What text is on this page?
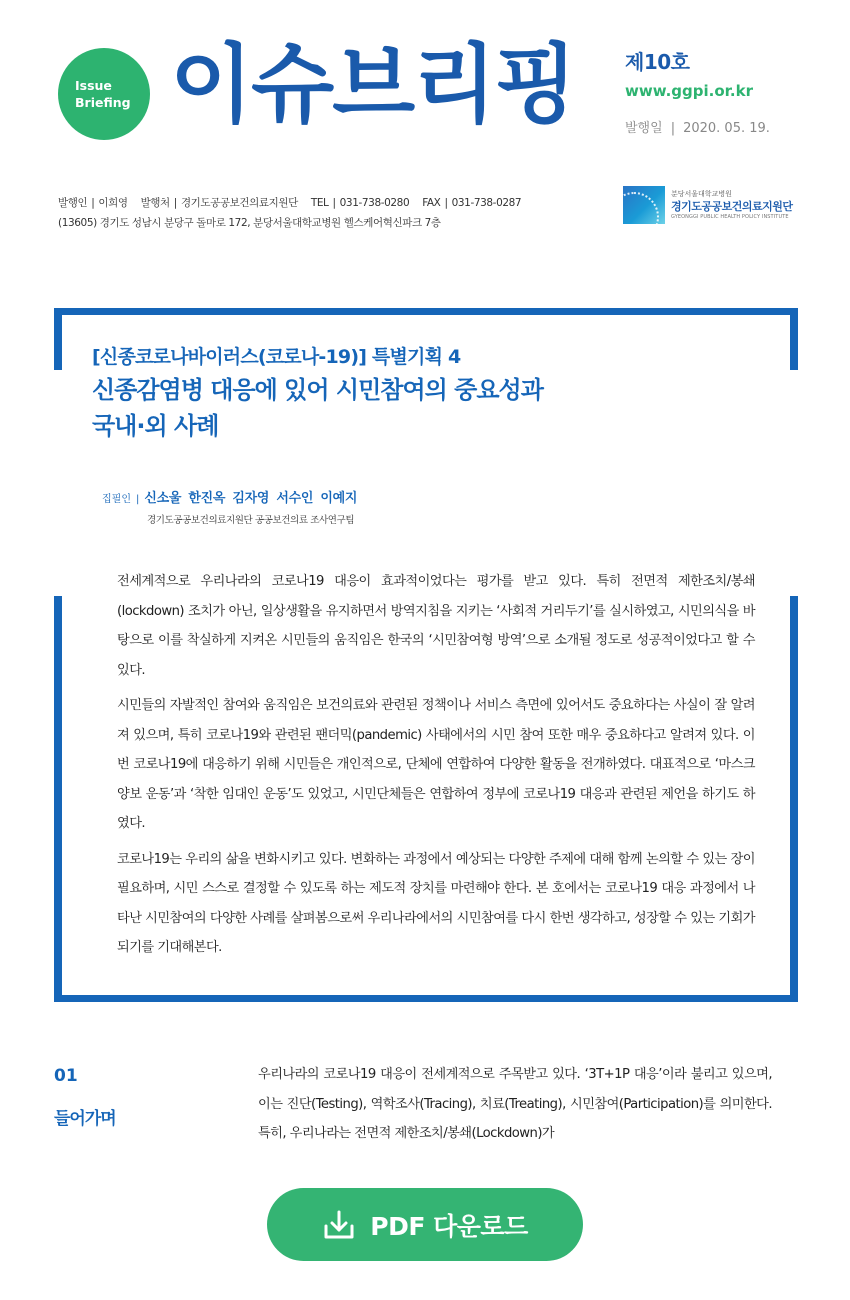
Issue
Briefing 이슈브리핑 제10호
www.ggpi.or.kr
발행일 | 2020. 05. 19.
발행인 | 이희영 발행처 | 경기도공공보건의료지원단 TEL | 031-738-0280 FAX | 031-738-0287
(13605) 경기도 성남시 분당구 돌마로 172, 분당서울대학교병원 헬스케어혁신파크 7층
분당서울대학교병원
경기도공공보건의료지원단
GYEONGGI PUBLIC HEALTH POLICY INSTITUTE
[신종코로나바이러스(코로나-19)] 특별기획 4
신종감염병 대응에 있어 시민참여의 중요성과
국내·외 사례
집필인 | 신소울 한진옥 김자영 서수인 이예지
경기도공공보건의료지원단 공공보건의료 조사연구팀

전세계적으로 우리나라의 코로나19 대응이 효과적이었다는 평가를 받고 있다. 특히 전면적 제한조치/봉쇄(lockdown) 조치가 아닌, 일상생활을 유지하면서 방역지침을 지키는 ‘사회적 거리두기’를 실시하였고, 시민의식을 바탕으로 이를 착실하게 지켜온 시민들의 움직임은 한국의 ‘시민참여형 방역’으로 소개될 정도로 성공적이었다고 할 수 있다.

시민들의 자발적인 참여와 움직임은 보건의료와 관련된 정책이나 서비스 측면에 있어서도 중요하다는 사실이 잘 알려져 있으며, 특히 코로나19와 관련된 팬더믹(pandemic) 사태에서의 시민 참여 또한 매우 중요하다고 알려져 있다. 이번 코로나19에 대응하기 위해 시민들은 개인적으로, 단체에 연합하여 다양한 활동을 전개하였다. 대표적으로 ‘마스크 양보 운동’과 ‘착한 임대인 운동’도 있었고, 시민단체들은 연합하여 정부에 코로나19 대응과 관련된 제언을 하기도 하였다.

코로나19는 우리의 삶을 변화시키고 있다. 변화하는 과정에서 예상되는 다양한 주제에 대해 함께 논의할 수 있는 장이 필요하며, 시민 스스로 결정할 수 있도록 하는 제도적 장치를 마련해야 한다. 본 호에서는 코로나19 대응 과정에서 나타난 시민참여의 다양한 사례를 살펴봄으로써 우리나라에서의 시민참여를 다시 한번 생각하고, 성장할 수 있는 기회가 되기를 기대해본다.

01
들어가며

우리나라의 코로나19 대응이 전세계적으로 주목받고 있다. ‘3T+1P 대응’이라 불리고 있으며, 이는 진단(Testing), 역학조사(Tracing), 치료(Treating), 시민참여(Participation)를 의미한다. 특히, 우리나라는 전면적 제한조치/봉쇄(Lockdown)가

PDF 다운로드
